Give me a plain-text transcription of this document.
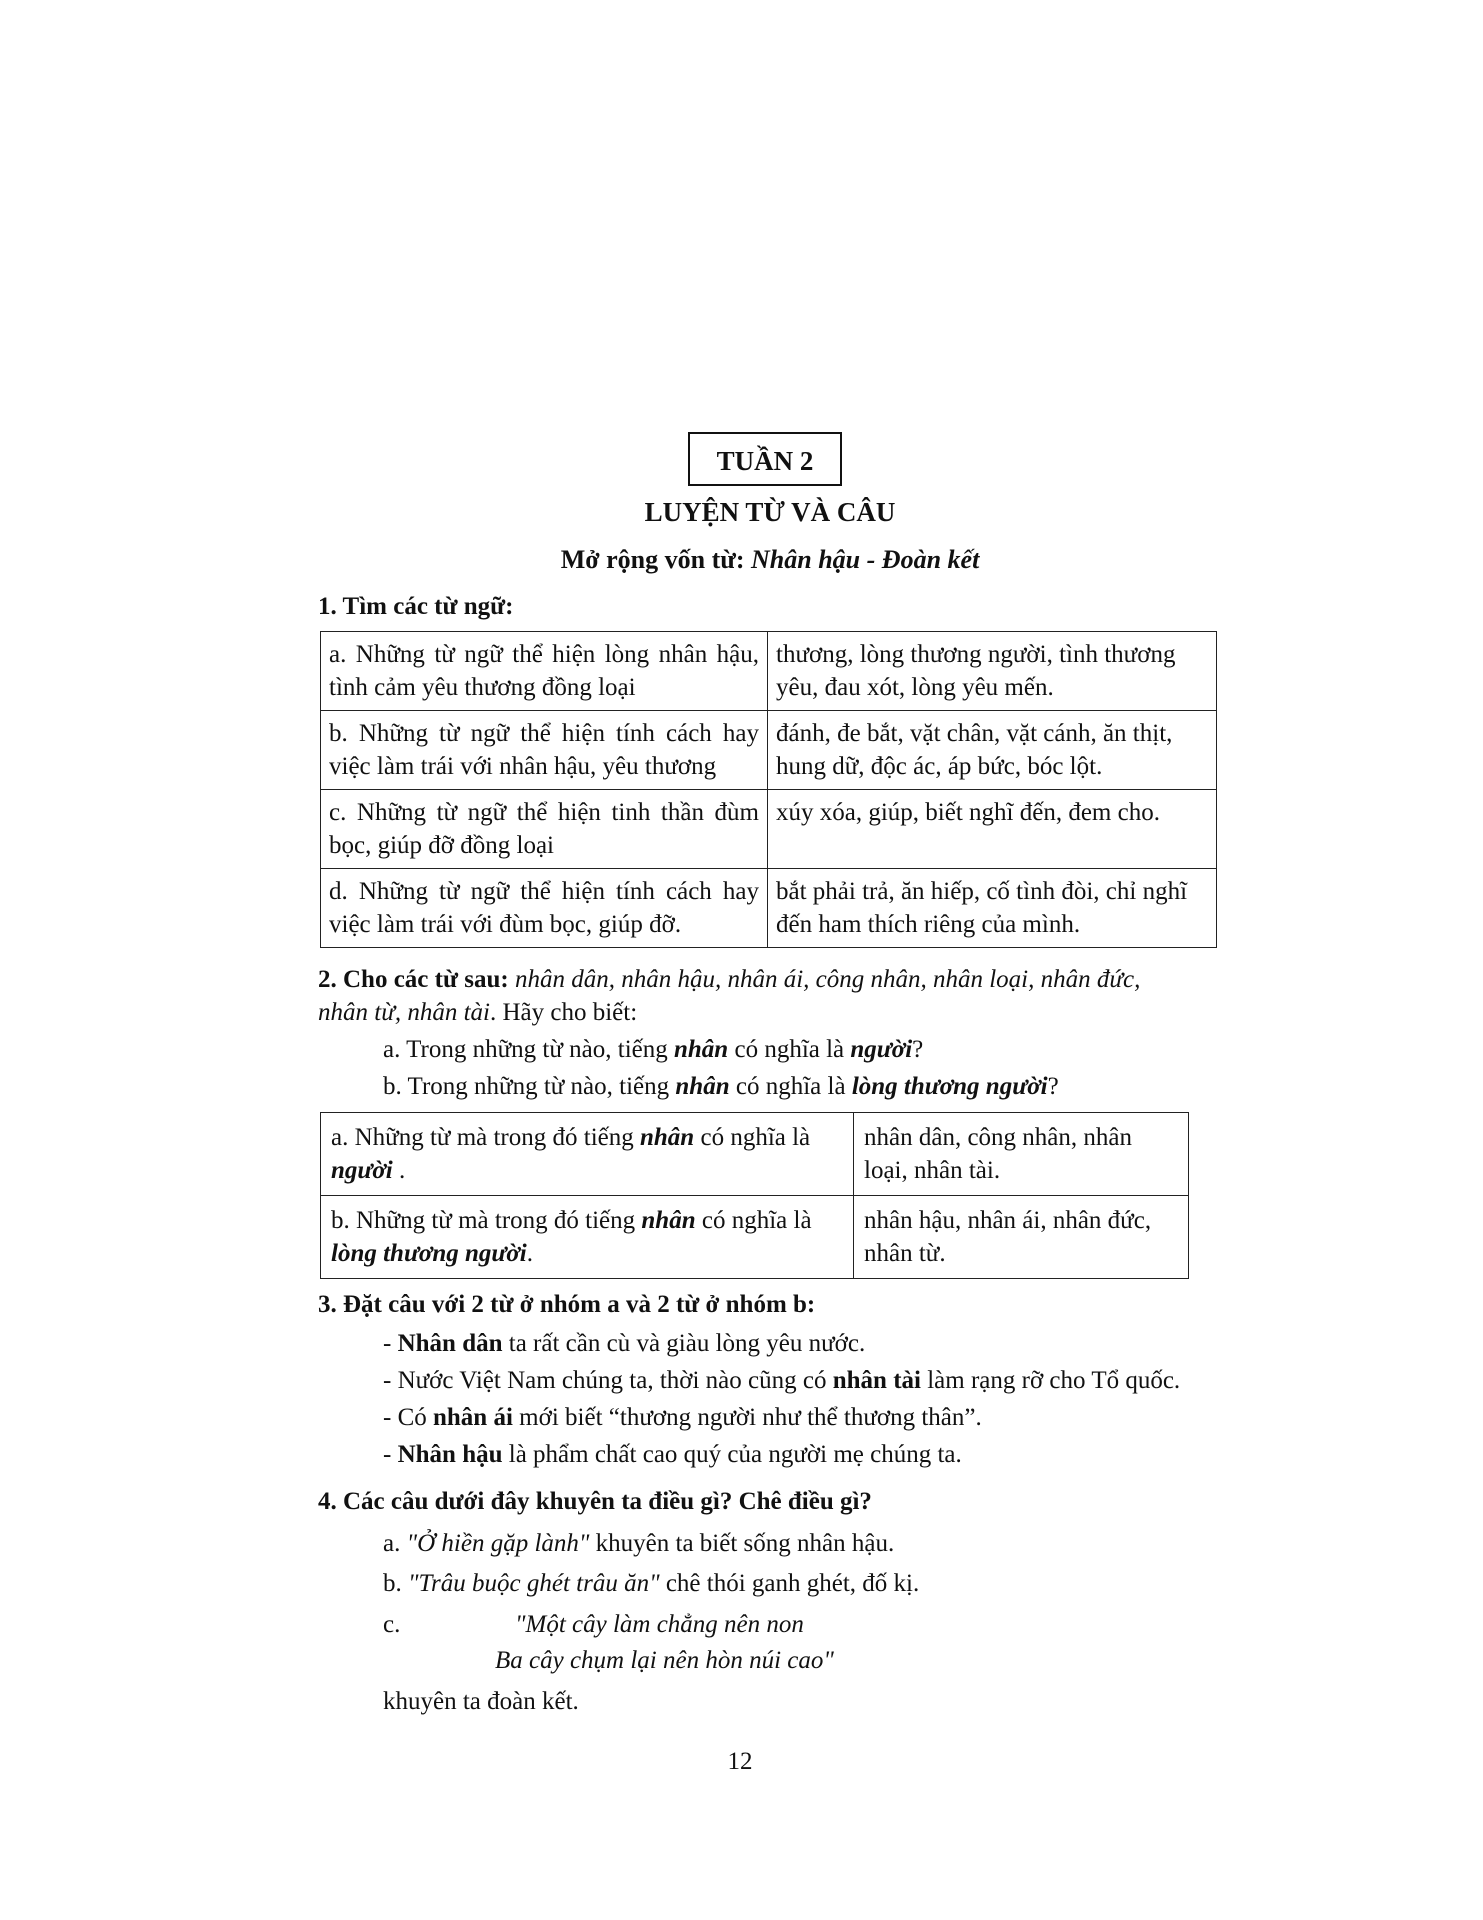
TUẦN 2
LUYỆN TỪ VÀ CÂU
Mở rộng vốn từ: Nhân hậu - Đoàn kết
1. Tìm các từ ngữ:
a. Những từ ngữ thể hiện lòng nhân hậu, tình cảm yêu thương đồng loại	thương, lòng thương người, tình thương yêu, đau xót, lòng yêu mến.
b. Những từ ngữ thể hiện tính cách hay việc làm trái với nhân hậu, yêu thương	đánh, đe bắt, vặt chân, vặt cánh, ăn thịt, hung dữ, độc ác, áp bức, bóc lột.
c. Những từ ngữ thể hiện tinh thần đùm bọc, giúp đỡ đồng loại	xúy xóa, giúp, biết nghĩ đến, đem cho.
d. Những từ ngữ thể hiện tính cách hay việc làm trái với đùm bọc, giúp đỡ.	bắt phải trả, ăn hiếp, cố tình đòi, chỉ nghĩ đến ham thích riêng của mình.
2. Cho các từ sau: nhân dân, nhân hậu, nhân ái, công nhân, nhân loại, nhân đức,
nhân từ, nhân tài. Hãy cho biết:
a. Trong những từ nào, tiếng nhân có nghĩa là người?
b. Trong những từ nào, tiếng nhân có nghĩa là lòng thương người?
a. Những từ mà trong đó tiếng nhân có nghĩa là người .	nhân dân, công nhân, nhân loại, nhân tài.
b. Những từ mà trong đó tiếng nhân có nghĩa là lòng thương người.	nhân hậu, nhân ái, nhân đức, nhân từ.
3. Đặt câu với 2 từ ở nhóm a và 2 từ ở nhóm b:
- Nhân dân ta rất cần cù và giàu lòng yêu nước.
- Nước Việt Nam chúng ta, thời nào cũng có nhân tài làm rạng rỡ cho Tổ quốc.
- Có nhân ái mới biết “thương người như thể thương thân”.
- Nhân hậu là phẩm chất cao quý của người mẹ chúng ta.
4. Các câu dưới đây khuyên ta điều gì? Chê điều gì?
a. "Ở hiền gặp lành" khuyên ta biết sống nhân hậu.
b. "Trâu buộc ghét trâu ăn" chê thói ganh ghét, đố kị.
c.	"Một cây làm chẳng nên non
Ba cây chụm lại nên hòn núi cao"
khuyên ta đoàn kết.
12
